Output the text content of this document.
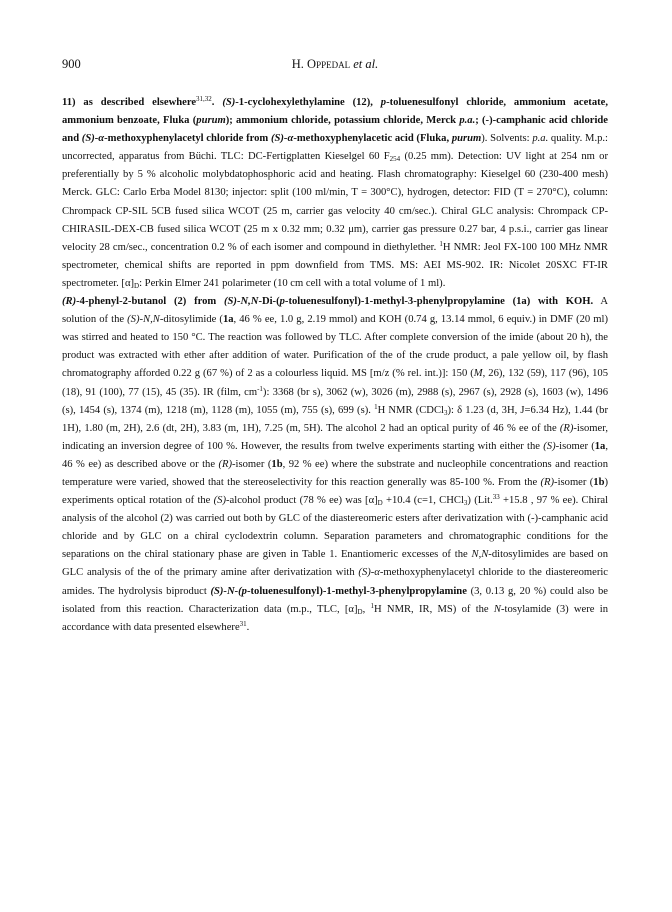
900	H. Oppedal et al.

11) as described elsewhere$^{31,32}$. (S)-1-cyclohexylethylamine (12), p-toluenesulfonyl chloride, ammonium acetate, ammonium benzoate, Fluka (purum); ammonium chloride, potassium chloride, Merck p.a.; (-)-camphanic acid chloride and (S)-α-methoxyphenylacetyl chloride from (S)-α-methoxyphenylacetic acid (Fluka, purum). Solvents: p.a. quality. M.p.: uncorrected, apparatus from Büchi. TLC: DC-Fertigplatten Kieselgel 60 $F_{254}$ (0.25 mm). Detection: UV light at 254 nm or preferentially by 5 % alcoholic molybdatophosphoric acid and heating. Flash chromatography: Kieselgel 60 (230-400 mesh) Merck. GLC: Carlo Erba Model 8130; injector: split (100 ml/min, T = 300°C), hydrogen, detector: FID (T = 270°C), column: Chrompack CP-SIL 5CB fused silica WCOT (25 m, carrier gas velocity 40 cm/sec.). Chiral GLC analysis: Chrompack CP-CHIRASIL-DEX-CB fused silica WCOT (25 m x 0.32 mm; 0.32 μm), carrier gas pressure 0.27 bar, 4 p.s.i., carrier gas linear velocity 28 cm/sec., concentration 0.2 % of each isomer and compound in diethylether. $^1$H NMR: Jeol FX-100 100 MHz NMR spectrometer, chemical shifts are reported in ppm downfield from TMS. MS: AEI MS-902. IR: Nicolet 20SXC FT-IR spectrometer. $[\alpha]_D$: Perkin Elmer 241 polarimeter (10 cm cell with a total volume of 1 ml).

(R)-4-phenyl-2-butanol (2) from (S)-N,N-Di-(p-toluenesulfonyl)-1-methyl-3-phenylpropylamine (1a) with KOH. A solution of the (S)-N,N-ditosylimide (1a, 46 % ee, 1.0 g, 2.19 mmol) and KOH (0.74 g, 13.14 mmol, 6 equiv.) in DMF (20 ml) was stirred and heated to 150 °C. The reaction was followed by TLC. After complete conversion of the imide (about 20 h), the product was extracted with ether after addition of water. Purification of the of the crude product, a pale yellow oil, by flash chromatography afforded 0.22 g (67 %) of 2 as a colourless liquid. MS [m/z (% rel. int.)]: 150 (M, 26), 132 (59), 117 (96), 105 (18), 91 (100), 77 (15), 45 (35). IR (film, $cm^{-1}$): 3368 (br s), 3062 (w), 3026 (m), 2988 (s), 2967 (s), 2928 (s), 1603 (w), 1496 (s), 1454 (s), 1374 (m), 1218 (m), 1128 (m), 1055 (m), 755 (s), 699 (s). $^1$H NMR (CDCl$_3$): δ 1.23 (d, 3H, J=6.34 Hz), 1.44 (br 1H), 1.80 (m, 2H), 2.6 (dt, 2H), 3.83 (m, 1H), 7.25 (m, 5H). The alcohol 2 had an optical purity of 46 % ee of the (R)-isomer, indicating an inversion degree of 100 %. However, the results from twelve experiments starting with either the (S)-isomer (1a, 46 % ee) as described above or the (R)-isomer (1b, 92 % ee) where the substrate and nucleophile concentrations and reaction temperature were varied, showed that the stereoselectivity for this reaction generally was 85-100 %. From the (R)-isomer (1b) experiments optical rotation of the (S)-alcohol product (78 % ee) was $[\alpha]_D +10.4$ (c=1, CHCl$_3$) (Lit.$^{33}$ +15.8 , 97 % ee). Chiral analysis of the alcohol (2) was carried out both by GLC of the diastereomeric esters after derivatization with (-)-camphanic acid chloride and by GLC on a chiral cyclodextrin column. Separation parameters and chromatographic conditions for the separations on the chiral stationary phase are given in Table 1. Enantiomeric excesses of the N,N-ditosylimides are based on GLC analysis of the of the primary amine after derivatization with (S)-α-methoxyphenylacetyl chloride to the diastereomeric amides. The hydrolysis biproduct (S)-N-(p-toluenesulfonyl)-1-methyl-3-phenylpropylamine (3, 0.13 g, 20 %) could also be isolated from this reaction. Characterization data (m.p., TLC, $[\alpha]_D$, $^1$H NMR, IR, MS) of the N-tosylamide (3) were in accordance with data presented elsewhere$^{31}$.
